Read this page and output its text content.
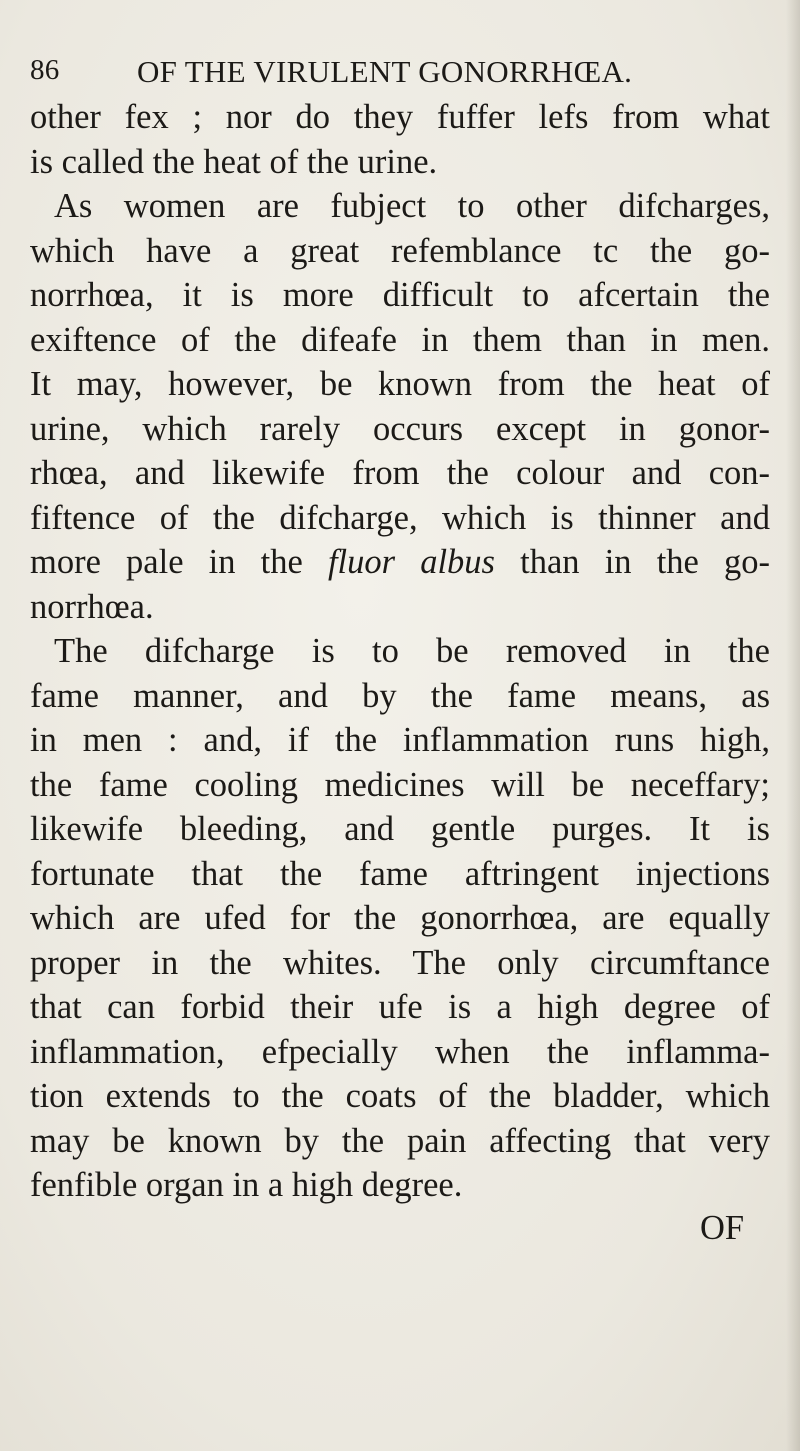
86 OF THE VIRULENT GONORRHŒA.
other fex ; nor do they fuffer lefs from what
is called the heat of the urine.
As women are fubject to other difcharges,
which have a great refemblance tc the go-
norrhœa, it is more difficult to afcertain the
exiftence of the difeafe in them than in men.
It may, however, be known from the heat of
urine, which rarely occurs except in gonor-
rhœa, and likewife from the colour and con-
fiftence of the difcharge, which is thinner and
more pale in the fluor albus than in the go-
norrhœa.
The difcharge is to be removed in the
fame manner, and by the fame means, as
in men : and, if the inflammation runs high,
the fame cooling medicines will be neceffary;
likewife bleeding, and gentle purges. It is
fortunate that the fame aftringent injections
which are ufed for the gonorrhœa, are equally
proper in the whites. The only circumftance
that can forbid their ufe is a high degree of
inflammation, efpecially when the inflamma-
tion extends to the coats of the bladder, which
may be known by the pain affecting that very
fenfible organ in a high degree.
OF
